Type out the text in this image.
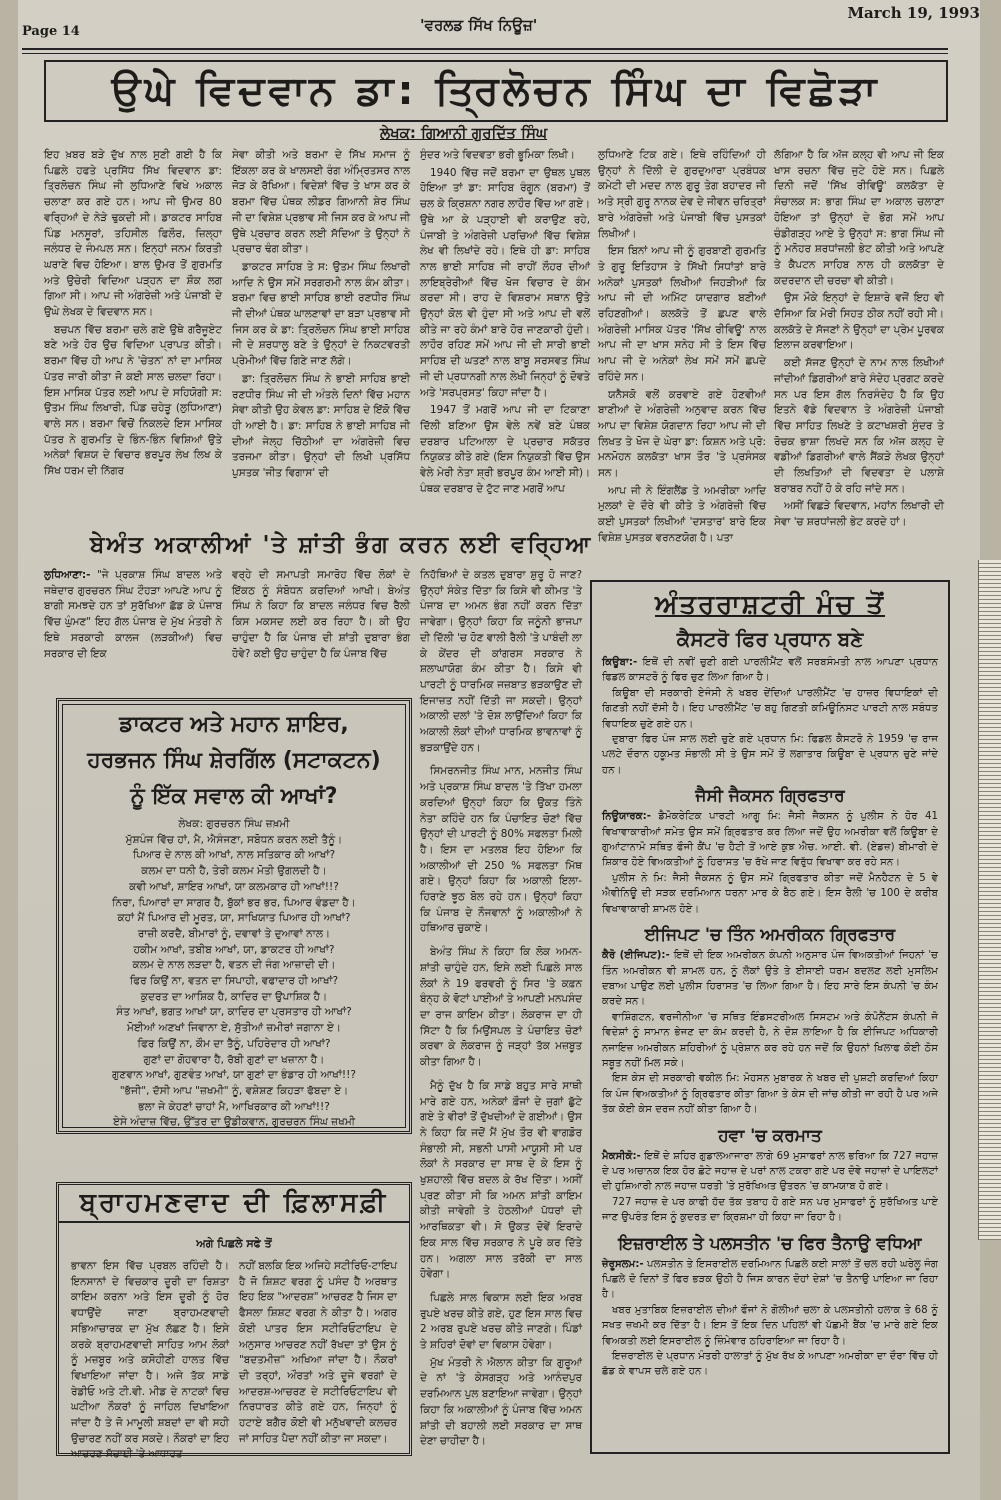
Page 14	'ਵਰਲਡ ਸਿੱਖ ਨਿਊਜ਼'
March 19, 1993
ਉਘੇ ਵਿਦਵਾਨ ਡਾ: ਤ੍ਰਿਲੋਚਨ ਸਿੰਘ ਦਾ ਵਿਛੋੜਾ
ਲੇਖਕ: ਗਿਆਨੀ ਗੁਰਦਿੱਤ ਸਿੰਘ

ਇਹ ਖ਼ਬਰ ਬੜੇ ਦੁੱਖ ਨਾਲ ਸੁਣੀ ਗਈ ਹੈ ਕਿ ਪਿਛਲੇ ਹਫਤੇ ਪ੍ਰਸਿੱਧ ਸਿੱਖ ਵਿਦਵਾਨ ਡਾ: ਤ੍ਰਿਲੋਚਨ ਸਿੰਘ ਜੀ ਲੁਧਿਆਣੇ ਵਿਖੇ ਅਕਾਲ ਚਲਾਣਾ ਕਰ ਗਏ ਹਨ। ਆਪ ਜੀ ਉਮਰ 80 ਵਰ੍ਹਿਆਂ ਦੇ ਨੇੜੇ ਢੁਕਦੀ ਸੀ। ਡਾਕਟਰ ਸਾਹਿਬ ਪਿੰਡ ਮਨਸੂਰਾਂ, ਤਹਿਸੀਲ ਫਿਲੌਰ, ਜ਼ਿਲ੍ਹਾ ਜਲੰਧਰ ਦੇ ਜੰਮਪਲ ਸਨ। ਇਨ੍ਹਾਂ ਜਨਮ ਕਿਰਤੀ ਘਰਾਣੇ ਵਿਚ ਹੋਇਆ। ਬਾਲ ਉਮਰ ਤੋਂ ਗੁਰਮਤਿ ਅਤੇ ਉਚੇਰੀ ਵਿਦਿਆ ਪੜ੍ਹਨ ਦਾ ਸ਼ੌਕ ਲਗ ਗਿਆ ਸੀ। ਆਪ ਜੀ ਅੰਗਰੇਜ਼ੀ ਅਤੇ ਪੰਜਾਬੀ ਦੇ ਉਘੇ ਲੇਖਕ ਦੇ ਵਿਦਵਾਨ ਸਨ।

ਬਚਪਨ ਵਿੱਚ ਬਰਮਾ ਚਲੇ ਗਏ ਉਥੇ ਗਰੈਜੂਏਟ ਬਣੇ ਅਤੇ ਹੋਰ ਉਚ ਵਿਦਿਆ ਪ੍ਰਾਪਤ ਕੀਤੀ। ਬਰਮਾ ਵਿੱਚ ਹੀ ਆਪ ਨੇ 'ਚੇਤਨ' ਨਾਂ ਦਾ ਮਾਸਿਕ ਪੱਤਰ ਜਾਰੀ ਕੀਤਾ ਜੋ ਕਈ ਸਾਲ ਚਲਦਾ ਰਿਹਾ। ਇਸ ਮਾਸਿਕ ਪੱਤਰ ਲਈ ਆਪ ਦੇ ਸਹਿਯੋਗੀ ਸ: ਉਤਮ ਸਿੰਘ ਲਿਖਾਰੀ, ਪਿੰਡ ਚਹੇੜੂ (ਲੁਧਿਆਣਾ) ਵਾਲੇ ਸਨ। ਬਰਮਾ ਵਿਚੋਂ ਨਿਕਲਦੇ ਇਸ ਮਾਸਿਕ ਪੱਤਰ ਨੇ ਗੁਰਮਤਿ ਦੇ ਭਿੰਨ-ਭਿੰਨ ਵਿਸ਼ਿਆਂ ਉਤੇ ਅਨੇਕਾਂ ਵਿਸ਼ਯ ਦੇ ਵਿਚਾਰ ਭਰਪੂਰ ਲੇਖ ਲਿਖ ਕੇ ਸਿੱਖ ਧਰਮ ਦੀ ਨਿੱਗਰ

ਸੇਵਾ ਕੀਤੀ ਅਤੇ ਬਰਮਾ ਦੇ ਸਿੱਖ ਸਮਾਜ ਨੂੰ ਇੱਕਲਾ ਕਰ ਕੇ ਖਾਲਸਈ ਰੰਗ ਅੰਮ੍ਰਿਤਸਰ ਨਾਲ ਜੋੜ ਕੇ ਰੱਖਿਆ। ਵਿਦੇਸ਼ਾਂ ਵਿੱਚ ਤੇ ਖਾਸ ਕਰ ਕੇ ਬਰਮਾ ਵਿੱਚ ਪੰਥਕ ਲੀਡਰ ਗਿਆਨੀ ਸ਼ੇਰ ਸਿੰਘ ਜੀ ਦਾ ਵਿਸ਼ੇਸ਼ ਪ੍ਰਭਾਵ ਸੀ ਜਿਸ ਕਰ ਕੇ ਆਪ ਜੀ ਉਥੇ ਪ੍ਰਚਾਰ ਕਰਨ ਲਈ ਸੱਦਿਆ ਤੇ ਉਨ੍ਹਾਂ ਨੇ ਪ੍ਰਚਾਰ ਢੰਗ ਕੀਤਾ।

ਡਾਕਟਰ ਸਾਹਿਬ ਤੇ ਸ: ਉਤਮ ਸਿੰਘ ਲਿਖਾਰੀ ਆਦਿ ਨੇ ਉਸ ਸਮੇਂ ਸਰਗਰਮੀ ਨਾਲ ਕੰਮ ਕੀਤਾ। ਬਰਮਾ ਵਿਚ ਭਾਈ ਸਾਹਿਬ ਭਾਈ ਰਣਧੀਰ ਸਿੰਘ ਜੀ ਦੀਆਂ ਪੰਥਕ ਘਾਲਣਾਵਾਂ ਦਾ ਬੜਾ ਪ੍ਰਭਾਵ ਸੀ ਜਿਸ ਕਰ ਕੇ ਡਾ: ਤ੍ਰਿਲੋਚਨ ਸਿੰਘ ਭਾਈ ਸਾਹਿਬ ਜੀ ਦੇ ਸ਼ਰਧਾਲੂ ਬਣੇ ਤੇ ਉਨ੍ਹਾਂ ਦੇ ਨਿਕਟਵਰਤੀ ਪ੍ਰੇਮੀਆਂ ਵਿੱਚ ਗਿਣੇ ਜਾਣ ਲੱਗੇ।

ਡਾ: ਤ੍ਰਿਲੋਚਨ ਸਿੰਘ ਨੇ ਭਾਈ ਸਾਹਿਬ ਭਾਈ ਰਣਧੀਰ ਸਿੰਘ ਜੀ ਦੀ ਅੰਤਲੇ ਦਿਨਾਂ ਵਿੱਚ ਮਹਾਨ ਸੇਵਾ ਕੀਤੀ ਉਹ ਕੇਵਲ ਡਾ: ਸਾਹਿਬ ਦੇ ਇੱਕੋ ਵਿੱਚ ਹੀ ਆਈ ਹੈ। ਡਾ: ਸਾਹਿਬ ਨੇ ਭਾਈ ਸਾਹਿਬ ਜੀ ਦੀਆਂ ਜੇਲ੍ਹ ਚਿੱਠੀਆਂ ਦਾ ਅੰਗਰੇਜ਼ੀ ਵਿਚ ਤਰਜਮਾ ਕੀਤਾ। ਉਨ੍ਹਾਂ ਦੀ ਲਿਖੀ ਪ੍ਰਸਿੱਧ ਪੁਸਤਕ 'ਜੀਤ ਵਿਗਾਸ' ਦੀ

ਸੁੰਦਰ ਅਤੇ ਵਿਦਵਤਾ ਭਰੀ ਭੂਮਿਕਾ ਲਿਖੀ।

1940 ਵਿੱਚ ਜਦੋਂ ਬਰਮਾ ਦਾ ਉਥਲ ਪੁਥਲ ਹੋਇਆ ਤਾਂ ਡਾ: ਸਾਹਿਬ ਰੰਗੂਨ (ਬਰਮਾ) ਤੋਂ ਚਲ ਕੇ ਕ੍ਰਿਸ਼ਨਾ ਨਗਰ ਲਾਹੌਰ ਵਿੱਚ ਆ ਗਏ। ਉਥੇ ਆ ਕੇ ਪੜ੍ਹਾਈ ਵੀ ਕਰਾਉਣ ਰਹੇ, ਪੰਜਾਬੀ ਤੇ ਅੰਗਰੇਜ਼ੀ ਪਰਚਿਆਂ ਵਿੱਚ ਵਿਸ਼ੇਸ਼ ਲੇਖ ਵੀ ਲਿਖਾਂਦੇ ਰਹੇ। ਇਥੇ ਹੀ ਡਾ: ਸਾਹਿਬ ਨਾਲ ਭਾਈ ਸਾਹਿਬ ਜੀ ਰਾਹੀਂ ਲੌਹਰ ਦੀਆਂ ਲਾਇਬ੍ਰੇਰੀਆਂ ਵਿੱਚ ਖੋਜ ਵਿਚਾਰ ਦੇ ਕੰਮ ਕਰਦਾ ਸੀ। ਰਾਹ ਦੇ ਵਿਸ਼ਰਾਮ ਸਥਾਨ ਉਤੇ ਉਨ੍ਹਾਂ ਕੋਲ ਵੀ ਹੁੰਦਾ ਸੀ ਅਤੇ ਆਪ ਦੀ ਵਲੋਂ ਕੀਤੇ ਜਾ ਰਹੇ ਕੰਮਾਂ ਬਾਰੇ ਹੋਰ ਜਾਣਕਾਰੀ ਹੁੰਦੀ। ਲਾਹੌਰ ਰਹਿਣ ਸਮੇਂ ਆਪ ਜੀ ਦੀ ਸਾਰੀ ਭਾਈ ਸਾਹਿਬ ਦੀ ਘਤਣਾਂ ਨਾਲ ਬਾਬੂ ਸਰਸਵਤ ਸਿੰਘ ਜੀ ਦੀ ਪ੍ਰਧਾਨਗੀ ਨਾਲ ਲੇਖੀ ਜਿਨ੍ਹਾਂ ਨੂੰ ਦੋਵਤੇ ਅਤੇ 'ਸਰਪ੍ਰਸਤ' ਕਿਹਾ ਜਾਂਦਾ ਹੈ।

1947 ਤੋਂ ਮਗਰੋਂ ਆਪ ਜੀ ਦਾ ਟਿਕਾਣਾ ਦਿੱਲੀ ਬਣਿਆ ਉਸ ਵੇਲੇ ਨਵੇਂ ਬਣੇ ਪੰਥਕ ਦਰਬਾਰ ਪਟਿਆਲਾ ਦੇ ਪ੍ਰਚਾਰ ਸਕੱਤਰ ਨਿਯੁਕਤ ਕੀਤੇ ਗਏ (ਇਸ ਨਿਯੁਕਤੀ ਵਿੱਚ ਉਸ ਵੇਲੇ ਮੇਰੀ ਨੇਤਾ ਸ਼੍ਰੀ ਭਰਪੂਰ ਕੰਮ ਆਈ ਸੀ)। ਪੰਥਕ ਦਰਬਾਰ ਦੇ ਟੁੱਟ ਜਾਣ ਮਗਰੋਂ ਆਪ

ਲੁਧਿਆਣੇ ਟਿਕ ਗਏ। ਇਥੇ ਰਹਿੰਦਿਆਂ ਹੀ ਉਨ੍ਹਾਂ ਨੇ ਦਿੱਲੀ ਦੇ ਗੁਰਦੁਆਰਾ ਪ੍ਰਬੰਧਕ ਕਮੇਟੀ ਦੀ ਮਦਦ ਨਾਲ ਗੁਰੂ ਤੇਗ ਬਹਾਦਰ ਜੀ ਅਤੇ ਸ੍ਰੀ ਗੁਰੂ ਨਾਨਕ ਦੇਵ ਦੇ ਜੀਵਨ ਚਰਿਤ੍ਰਾਂ ਬਾਰੇ ਅੰਗਰੇਜ਼ੀ ਅਤੇ ਪੰਜਾਬੀ ਵਿੱਚ ਪੁਸਤਕਾਂ ਲਿਖੀਆਂ।

ਇਸ ਬਿਨਾਂ ਆਪ ਜੀ ਨੂੰ ਗੁਰਬਾਣੀ ਗੁਰਮਤਿ ਤੇ ਗੁਰੂ ਇਤਿਹਾਸ ਤੇ ਸਿੱਖੀ ਸਿਧਾਂਤਾਂ ਬਾਰੇ ਅਨੇਕਾਂ ਪੁਸਤਕਾਂ ਲਿਖੀਆਂ ਜਿਹੜੀਆਂ ਕਿ ਆਪ ਜੀ ਦੀ ਅਮਿੱਟ ਯਾਦਗਾਰ ਬਣੀਆਂ ਰਹਿਣਗੀਆਂ। ਕਲਕੱਤੇ ਤੋਂ ਛਪਣ ਵਾਲੇ ਅੰਗਰੇਜ਼ੀ ਮਾਸਿਕ ਪੱਤਰ 'ਸਿੱਖ ਰੀਵਿਊ' ਨਾਲ ਆਪ ਜੀ ਦਾ ਖਾਸ ਸਨੇਹ ਸੀ ਤੇ ਇਸ ਵਿੱਚ ਆਪ ਜੀ ਦੇ ਅਨੇਕਾਂ ਲੇਖ ਸਮੇਂ ਸਮੇਂ ਛਪਦੇ ਰਹਿੰਦੇ ਸਨ।

ਯਨੈਸਕੋ ਵਲੋਂ ਕਰਵਾਏ ਗਏ ਹੋਣਵੀਆਂ ਬਾਣੀਆਂ ਦੇ ਅੰਗਰੇਜ਼ੀ ਅਨੁਵਾਦ ਕਰਨ ਵਿੱਚ ਆਪ ਦਾ ਵਿਸ਼ੇਸ਼ ਯੋਗਦਾਨ ਰਿਹਾ ਆਪ ਜੀ ਦੀ ਲਿਖਤ ਤੇ ਖੋਜ ਦੇ ਘੇਰਾ ਡਾ: ਕਿਸ਼ਨ ਅਤੇ ਪ੍ਰੋ: ਮਨਮੋਹਨ ਕਲਕੱਤਾ ਖਾਸ ਤੌਰ 'ਤੇ ਪ੍ਰਸੰਸਕ ਸਨ।

ਆਪ ਜੀ ਨੇ ਇੰਗਲੈਂਡ ਤੇ ਅਮਰੀਕਾ ਆਦਿ ਮੁਲਕਾਂ ਦੇ ਦੌਰੇ ਵੀ ਕੀਤੇ ਤੇ ਅੰਗਰੇਜ਼ੀ ਵਿੱਚ ਕਈ ਪੁਸਤਕਾਂ ਲਿਖੀਆਂ 'ਦਸਤਾਰ' ਬਾਰੇ ਇਕ ਵਿਸ਼ੇਸ਼ ਪੁਸਤਕ ਵਰਨਣਯੋਗ ਹੈ। ਪਤਾ

ਲੱਗਿਆ ਹੈ ਕਿ ਅੱਜ ਕਲ੍ਹ ਵੀ ਆਪ ਜੀ ਇਕ ਖਾਸ ਰਚਨਾ ਵਿੱਚ ਜੁਟੇ ਹੋਏ ਸਨ। ਪਿਛਲੇ ਦਿਨੀ ਜਦੋਂ 'ਸਿੱਖ ਰੀਵਿਊ' ਕਲਕੱਤਾ ਦੇ ਸੰਚਾਲਕ ਸ: ਭਾਗ ਸਿੰਘ ਦਾ ਅਕਾਲ ਚਲਾਣਾ ਹੋਇਆ ਤਾਂ ਉਨ੍ਹਾਂ ਦੇ ਭੋਗ ਸਮੇਂ ਆਪ ਚੰਡੀਗੜ੍ਹ ਆਏ ਤੇ ਉਨ੍ਹਾਂ ਸ: ਭਾਗ ਸਿੰਘ ਜੀ ਨੂੰ ਮਨੋਹਰ ਸ਼ਰਧਾਂਜਲੀ ਭੇਟ ਕੀਤੀ ਅਤੇ ਆਪਣੇ ਤੇ ਕੈਪਟਨ ਸਾਹਿਬ ਨਾਲ ਹੀ ਕਲਕੱਤਾ ਦੇ ਕਦਰਦਾਨ ਦੀ ਚਰਚਾ ਵੀ ਕੀਤੀ।

ਉਸ ਮੌਕੇ ਇਨ੍ਹਾਂ ਦੇ ਇਸ਼ਾਰੇ ਵਜੋਂ ਇਹ ਵੀ ਦੱਸਿਆ ਕਿ ਮੇਰੀ ਸਿਹਤ ਠੀਕ ਨਹੀਂ ਰਹੀ ਸੀ। ਕਲਕੱਤੇ ਦੇ ਸੱਜਣਾਂ ਨੇ ਉਨ੍ਹਾਂ ਦਾ ਪ੍ਰੇਮ ਪੂਰਵਕ ਇਲਾਜ ਕਰਵਾਇਆ।

ਕਈ ਸੱਜਣ ਉਨ੍ਹਾਂ ਦੇ ਨਾਮ ਨਾਲ ਲਿਖੀਆਂ ਜਾਂਦੀਆਂ ਡਿਗਰੀਆਂ ਬਾਰੇ ਸੰਦੇਹ ਪ੍ਰਗਟ ਕਰਦੇ ਸਨ ਪਰ ਇਸ ਗੱਲ ਨਿਰਸੰਦੇਹ ਹੈ ਕਿ ਉਹ ਇਤਨੇ ਵੱਡੇ ਵਿਦਵਾਨ ਤੇ ਅੰਗਰੇਜ਼ੀ ਪੰਜਾਬੀ ਵਿੱਚ ਸਾਹਿਤ ਲਿਖਣੇ ਤੇ ਕਟਾਖਸ਼ਰੀ ਸੁੰਦਰ ਤੇ ਰੋਚਕ ਭਾਸ਼ਾ ਲਿਖਦੇ ਸਨ ਕਿ ਅੱਜ ਕਲ੍ਹ ਦੇ ਵਡੀਆਂ ਡਿਗਰੀਆਂ ਵਾਲੇ ਸੈਂਕੜੇ ਲੇਖਕ ਉਨ੍ਹਾਂ ਦੀ ਲਿਖਤਿਆਂ ਦੀ ਵਿਦਵਤਾ ਦੇ ਪਲਾਸ਼ੇ ਬਰਾਬਰ ਨਹੀਂ ਹੋ ਕੇ ਰਹਿ ਜਾਂਦੇ ਸਨ।

ਅਸੀਂ ਵਿਛੜੇ ਵਿਦਵਾਨ, ਮਹਾਂਨ ਲਿਖਾਰੀ ਦੀ ਸੇਵਾ 'ਚ ਸ਼ਰਧਾਂਜਲੀ ਭੇਟ ਕਰਦੇ ਹਾਂ।

ਬੇਅੰਤ ਅਕਾਲੀਆਂ 'ਤੇ ਸ਼ਾਂਤੀ ਭੰਗ ਕਰਨ ਲਈ ਵਰ੍ਹਿਆ

ਲੁਧਿਆਣਾ:- "ਜੇ ਪ੍ਰਕਾਸ਼ ਸਿੰਘ ਬਾਦਲ ਅਤੇ ਜਥੇਦਾਰ ਗੁਰਚਰਨ ਸਿੰਘ ਟੌਹੜਾ ਆਪਣੇ ਆਪ ਨੂੰ ਬਾਗੀ ਸਮਝਦੇ ਹਨ ਤਾਂ ਸੁਰੱਖਿਆ ਛੱਡ ਕੇ ਪੰਜਾਬ ਵਿੱਚ ਘੁੰਮਣ" ਇਹ ਗੱਲ ਪੰਜਾਬ ਦੇ ਮੁੱਖ ਮੰਤਰੀ ਨੇ ਇਥੇ ਸਰਕਾਰੀ ਕਾਲਜ (ਲੜਕੀਆਂ) ਵਿਚ ਸਰਕਾਰ ਦੀ ਇਕ

ਵਰ੍ਹੇ ਦੀ ਸਮਾਪਤੀ ਸਮਾਰੋਹ ਵਿੱਚ ਲੋਕਾਂ ਦੇ ਇੱਕਠ ਨੂੰ ਸੰਬੋਧਨ ਕਰਦਿਆਂ ਆਖੀ। ਬੇਅੰਤ ਸਿੰਘ ਨੇ ਕਿਹਾ ਕਿ ਬਾਦਲ ਜਲੰਧਰ ਵਿਚ ਰੈਲੀ ਕਿਸ ਮਕਸਦ ਲਈ ਕਰ ਰਿਹਾ ਹੈ। ਕੀ ਉਹ ਚਾਹੁੰਦਾ ਹੈ ਕਿ ਪੰਜਾਬ ਦੀ ਸ਼ਾਂਤੀ ਦੁਬਾਰਾ ਭੰਗ ਹੋਵੇ? ਕਈ ਉਹ ਚਾਹੁੰਦਾ ਹੈ ਕਿ ਪੰਜਾਬ ਵਿੱਚ

ਨਿਹੱਥਿਆਂ ਦੇ ਕਤਲ ਦੁਬਾਰਾ ਸ਼ੁਰੂ ਹੋ ਜਾਣ? ਉਨ੍ਹਾਂ ਸੰਕੇਤ ਦਿੱਤਾ ਕਿ ਕਿਸੇ ਵੀ ਕੀਮਤ 'ਤੇ ਪੰਜਾਬ ਦਾ ਅਮਨ ਭੰਗ ਨਹੀਂ ਕਰਨ ਦਿੱਤਾ ਜਾਵੇਗਾ। ਉਨ੍ਹਾਂ ਕਿਹਾ ਕਿ ਜਨੂੰਨੀ ਭਾਜਪਾ ਦੀ ਦਿੱਲੀ 'ਚ ਹੋਣ ਵਾਲੀ ਰੈਲੀ 'ਤੇ ਪਾਬੰਦੀ ਲਾ ਕੇ ਕੇਂਦਰ ਦੀ ਕਾਂਗਰਸ ਸਰਕਾਰ ਨੇ ਸ਼ਲਾਘਾਯੋਗ ਕੰਮ ਕੀਤਾ ਹੈ। ਕਿਸੇ ਵੀ ਪਾਰਟੀ ਨੂੰ ਧਾਰਮਿਕ ਜਜ਼ਬਾਤ ਭੜਕਾਉਣ ਦੀ ਇਜਾਜ਼ਤ ਨਹੀਂ ਦਿੱਤੀ ਜਾ ਸਕਦੀ। ਉਨ੍ਹਾਂ ਅਕਾਲੀ ਦਲਾਂ 'ਤੇ ਦੋਸ਼ ਲਾਉਂਦਿਆਂ ਕਿਹਾ ਕਿ ਅਕਾਲੀ ਲੋਕਾਂ ਦੀਆਂ ਧਾਰਮਿਕ ਭਾਵਨਾਵਾਂ ਨੂੰ ਭੜਕਾਉਂਦੇ ਹਨ।

ਸਿਮਰਨਜੀਤ ਸਿੰਘ ਮਾਨ, ਮਨਜੀਤ ਸਿੰਘ ਅਤੇ ਪ੍ਰਕਾਸ਼ ਸਿੰਘ ਬਾਦਲ 'ਤੇ ਤਿੱਖਾ ਹਮਲਾ ਕਰਦਿਆਂ ਉਨ੍ਹਾਂ ਕਿਹਾ ਕਿ ਉਕਤ ਤਿੰਨੇ ਨੇਤਾ ਕਹਿੰਦੇ ਹਨ ਕਿ ਪੰਚਾਇਤ ਚੋਣਾਂ ਵਿੱਚ ਉਨ੍ਹਾਂ ਦੀ ਪਾਰਟੀ ਨੂੰ 80% ਸਫਲਤਾ ਮਿਲੀ ਹੈ। ਇਸ ਦਾ ਮਤਲਬ ਇਹ ਹੋਇਆ ਕਿ ਅਕਾਲੀਆਂ ਦੀ 250 % ਸਫਲਤਾ ਮਿੱਥ ਗਏ। ਉਨ੍ਹਾਂ ਕਿਹਾ ਕਿ ਅਕਾਲੀ ਇਲਾ-ਹਿਰਾਣੇ ਝੂਠ ਬੋਲ ਰਹੇ ਹਨ। ਉਨ੍ਹਾਂ ਕਿਹਾ ਕਿ ਪੰਜਾਬ ਦੇ ਨੌਜਵਾਨਾਂ ਨੂੰ ਅਕਾਲੀਆਂ ਨੇ ਹਥਿਆਰ ਚੁਕਾਏ।

ਬੇਅੰਤ ਸਿੰਘ ਨੇ ਕਿਹਾ ਕਿ ਲੋਕ ਅਮਨ-ਸ਼ਾਂਤੀ ਚਾਹੁੰਦੇ ਹਨ, ਇਸੇ ਲਈ ਪਿਛਲੇ ਸਾਲ ਲੋਕਾਂ ਨੇ 19 ਫਰਵਰੀ ਨੂੰ ਸਿਰ 'ਤੇ ਕਫ਼ਨ ਬੰਨ੍ਹ ਕੇ ਵੋਟਾਂ ਪਾਈਆਂ ਤੇ ਆਪਣੀ ਮਨਪਸੰਦ ਦਾ ਰਾਜ ਕਾਇਮ ਕੀਤਾ। ਲੋਕਰਾਜ ਦਾ ਹੀ ਸਿੱਟਾ ਹੈ ਕਿ ਮਿਉਂਸਪਲ ਤੇ ਪੰਚਾਇਤ ਚੋਣਾਂ ਕਰਵਾ ਕੇ ਲੋਕਰਾਜ ਨੂੰ ਜੜ੍ਹਾਂ ਤੱਕ ਮਜ਼ਬੂਤ ਕੀਤਾ ਗਿਆ ਹੈ।

ਮੈਨੂੰ ਦੁੱਖ ਹੈ ਕਿ ਸਾਡੇ ਬਹੁਤ ਸਾਰੇ ਸਾਥੀ ਮਾਰੇ ਗਏ ਹਨ, ਅਨੇਕਾਂ ਫ਼ੌਜਾਂ ਦੇ ਜੁਗਾਂ ਛੁੱਟੇ ਗਏ ਤੇ ਵੀਰਾਂ ਤੋਂ ਦੁੱਖਦੀਆਂ ਦੇ ਗਈਆਂ। ਉਸ ਨੇ ਕਿਹਾ ਕਿ ਜਦੋਂ ਮੈਂ ਮੁੱਖ ਤੌਰ ਵੀ ਵਾਗਡੋਰ ਸੰਭਾਲੀ ਸੀ, ਸਭਨੀ ਪਾਸੀ ਮਾਯੂਸੀ ਸੀ ਪਰ ਲੋਕਾਂ ਨੇ ਸਰਕਾਰ ਦਾ ਸਾਥ ਦੇ ਕੇ ਇਸ ਨੂੰ ਖੁਸ਼ਹਾਲੀ ਵਿੱਚ ਬਦਲ ਕੇ ਰੱਖ ਦਿੱਤਾ। ਅਸੀਂ ਪ੍ਰਣ ਕੀਤਾ ਸੀ ਕਿ ਅਮਨ ਸ਼ਾਂਤੀ ਕਾਇਮ ਕੀਤੀ ਜਾਵੇਗੀ ਤੇ ਹੇਠਲੀਆਂ ਪੱਧਰਾਂ ਦੀ ਆਰਥਿਕਤਾ ਵੀ। ਸੋ ਉਕਤ ਦੋਵੇਂ ਇਰਾਦੇ ਇਕ ਸਾਲ ਵਿੱਚ ਸਰਕਾਰ ਨੇ ਪੂਰੇ ਕਰ ਦਿੱਤੇ ਹਨ। ਅਗਲਾ ਸਾਲ ਤਰੱਕੀ ਦਾ ਸਾਲ ਹੋਵੇਗਾ।

ਪਿਛਲੇ ਸਾਲ ਵਿਕਾਸ ਲਈ ਇਕ ਅਰਬ ਰੁਪਏ ਖਰਚ ਕੀਤੇ ਗਏ, ਹੁਣ ਇਸ ਸਾਲ ਵਿਚ 2 ਅਰਬ ਰੁਪਏ ਖਰਚ ਕੀਤੇ ਜਾਣਗੇ। ਪਿੰਡਾਂ ਤੇ ਸ਼ਹਿਰਾਂ ਦੋਵਾਂ ਦਾ ਵਿਕਾਸ ਹੋਵੇਗਾ।

ਮੁੱਖ ਮੰਤਰੀ ਨੇ ਐਲਾਨ ਕੀਤਾ ਕਿ ਗੁਰੂਆਂ ਦੇ ਨਾਂ 'ਤੇ ਕੇਸਗੜ੍ਹ ਅਤੇ ਆਨੰਦਪੁਰ ਦਰਮਿਆਨ ਪੁਲ ਬਣਾਇਆ ਜਾਵੇਗਾ। ਉਨ੍ਹਾਂ ਕਿਹਾ ਕਿ ਅਕਾਲੀਆਂ ਨੂੰ ਪੰਜਾਬ ਵਿੱਚ ਅਮਨ ਸ਼ਾਂਤੀ ਦੀ ਬਹਾਲੀ ਲਈ ਸਰਕਾਰ ਦਾ ਸਾਥ ਦੇਣਾ ਚਾਹੀਦਾ ਹੈ।

ਡਾਕਟਰ ਅਤੇ ਮਹਾਨ ਸ਼ਾਇਰ,
ਹਰਭਜਨ ਸਿੰਘ ਸ਼ੇਰਗਿੱਲ (ਸਟਾਕਟਨ)
ਨੂੰ ਇੱਕ ਸਵਾਲ ਕੀ ਆਖਾਂ?
ਲੇਖਕ: ਗੁਰਚਰਨ ਸਿੰਘ ਜ਼ਖ਼ਮੀ
ਮੁੱਸ਼ਪੰਜ ਵਿੱਚ ਹਾਂ, ਮੈ, ਐਸੰਜਣਾ, ਸਬੋਧਨ ਕਰਨ ਲਈ ਤੈਨੂੰ।
ਪਿਆਰ ਦੇ ਨਾਲ ਕੀ ਆਖਾਂ, ਨਾਲ ਸਤਿਕਾਰ ਕੀ ਆਖਾਂ?
ਕਲਮ ਦਾ ਧਨੀ ਹੈ, ਤੇਰੀ ਕਲਮ ਮੋਤੀ ਉਗਲਦੀ ਹੈ।
ਕਵੀ ਆਖਾਂ, ਸ਼ਾਇਰ ਆਖਾਂ, ਯਾ ਕਲਮਕਾਰ ਹੀ ਆਖਾਂ!!?
ਨਿਰਾ, ਪਿਆਰਾਂ ਦਾ ਸਾਗਰ ਹੈ, ਬੁੱਕਾਂ ਭਰ ਭਰ, ਪਿਆਰ ਵੰਡਦਾ ਹੈ।
ਕਹਾਂ ਮੈਂ ਪਿਆਰ ਦੀ ਮੂਰਤ, ਯਾ, ਸਾਖਿਯਾਤ ਪਿਆਰ ਹੀ ਆਖਾਂ?
ਰਾਜ਼ੀ ਕਰਦੈ, ਬੀਮਾਰਾਂ ਨੂੰ, ਦਵਾਵਾਂ ਤੇ ਦੁਆਵਾਂ ਨਾਲ।
ਹਕੀਮ ਆਖਾਂ, ਤਬੀਬ ਆਖਾਂ, ਯਾ, ਡਾਕਟਰ ਹੀ ਆਖਾਂ?
ਕਲਮ ਦੇ ਨਾਲ ਲੜਦਾ ਹੈ, ਵਤਨ ਦੀ ਜੰਗ ਆਜ਼ਾਦੀ ਦੀ।
ਫਿਰ ਕਿਉਂ ਨਾ, ਵਤਨ ਦਾ ਸਿਪਾਹੀ, ਵਫਾਦਾਰ ਹੀ ਆਖਾਂ?
ਕੁਦਰਤ ਦਾ ਆਸ਼ਿਕ ਹੈ, ਕਾਦਿਰ ਦਾ ਉਪਾਸ਼ਿਕ ਹੈ।
ਸੰਤ ਆਖਾਂ, ਭਗਤ ਆਖਾਂ ਯਾ, ਕਾਦਿਰ ਦਾ ਪ੍ਰਸਤਾਰ ਹੀ ਆਖਾਂ?
ਮੋਈਆਂ ਅਣਖਾਂ ਜਿਵਾਨਾ ਏ, ਸੁੱਤੀਆਂ ਜ਼ਮੀਰਾਂ ਜਗਾਨਾ ਏ।
ਫਿਰ ਕਿਉਂ ਨਾ, ਕੌਮ ਦਾ ਤੈਨੂੰ, ਪਹਿਰੇਦਾਰ ਹੀ ਆਖਾਂ?
ਗੁਣਾਂ ਦਾ ਗੋਹਵਾਰਾ ਹੈ, ਰੱਬੀ ਗੁਣਾਂ ਦਾ ਖਜ਼ਾਨਾ ਹੈ।
ਗੁਣਵਾਨ ਆਖਾਂ, ਗੁਣਵੰਤ ਆਖਾਂ, ਯਾ ਗੁਣਾਂ ਦਾ ਭੰਡਾਰ ਹੀ ਆਖਾਂ!!?
"ਭੱਜੀ", ਦੱਸੀ ਆਪ "ਜ਼ਖਮੀ" ਨੂੰ, ਵਸ਼ੇਸ਼ਣ ਕਿਹੜਾ ਫੱਬਦਾ ਏ।
ਭਲਾ ਜੇ ਕੇਹਣਾਂ ਚਾਹਾਂ ਮੈ, ਆਖਿਰਕਾਰ ਕੀ ਆਖਾਂ!!?
ਏਸੇ ਅੰਦਾਜ਼ ਵਿੱਚ, ਉੱਤਰ ਦਾ ਉਡੀਕਵਾਨ, ਗੁਰਚਰਨ ਸਿੰਘ ਜ਼ਖਮੀ
ਬ੍ਰਾਹਮਣਵਾਦ ਦੀ ਫ਼ਿਲਾਸਫ਼ੀ
ਅਗੇ ਪਿਛਲੇ ਸਫੇ ਤੋਂ

ਭਾਵਨਾ ਇਸ ਵਿੱਚ ਪ੍ਰਬਲ ਰਹਿੰਦੀ ਹੈ। ਇਨਸਾਨਾਂ ਦੇ ਵਿਚਕਾਰ ਦੂਰੀ ਦਾ ਰਿਸ਼ਤਾ ਕਾਇਮ ਕਰਨਾ ਅਤੇ ਇਸ ਦੂਰੀ ਨੂੰ ਹੋਰ ਵਧਾਉਂਦੇ ਜਾਣਾ ਬ੍ਰਾਹਮਣਵਾਦੀ ਸਭਿਆਚਾਰਕ ਦਾ ਮੁੱਖ ਲੱਛਣ ਹੈ। ਇਸੇ ਕਰਕੇ ਬ੍ਰਾਹਮਣਵਾਦੀ ਸਾਹਿਤ ਆਮ ਲੋਕਾਂ ਨੂੰ ਮਜ਼ਬੂਰ ਅਤੇ ਕਸੋਹੀਣੀ ਹਾਲਤ ਵਿੱਚ ਵਿਖਾਇਆ ਜਾਂਦਾ ਹੈ। ਅਜੇ ਤੱਕ ਸਾਡੇ ਰੇਡੀਓ ਅਤੇ ਟੀ.ਵੀ. ਮੀਡ ਦੇ ਨਾਟਕਾਂ ਵਿਚ ਘਟੀਆ ਨੌਕਰਾਂ ਨੂੰ ਜਾਹਿਲ ਦਿਖਾਇਆ ਜਾਂਦਾ ਹੈ ਤੇ ਜੋ ਮਾਮੂਲੀ ਸ਼ਬਦਾਂ ਦਾ ਵੀ ਸਹੀ ਉਚਾਰਣ ਨਹੀਂ ਕਰ ਸਕਦੇ। ਨੌਕਰਾਂ ਦਾ ਇਹ ਆਚਰਣ ਸੱਚਾਈ 'ਤੇ ਆਧਾਰਤ

ਨਹੀਂ ਬਲਕਿ ਇਕ ਅਜਿਹੇ ਸਟੀਰਿਓ-ਟਾਇਪ ਹੈ ਜੋ ਸ਼ਿਸ਼ਟ ਵਰਗ ਨੂੰ ਪਸੰਦ ਹੈ ਅਰਥਾਤ ਇਹ ਇਕ "ਆਦਰਸ਼" ਆਚਰਣ ਹੈ ਜਿਸ ਦਾ ਫੈਸਲਾ ਸ਼ਿਸ਼ਟ ਵਰਗ ਨੇ ਕੀਤਾ ਹੈ। ਅਗਰ ਕੋਈ ਪਾਤਰ ਇਸ ਸਟੀਰਿਓਟਾਇਪ ਦੇ ਅਨੁਸਾਰ ਆਚਰਣ ਨਹੀਂ ਰੱਖਦਾ ਤਾਂ ਉਸ ਨੂੰ "ਬਦਤਮੀਜ਼" ਅਖਿਆ ਜਾਂਦਾ ਹੈ। ਨੌਕਰਾਂ ਦੀ ਤਰ੍ਹਾਂ, ਔਰਤਾਂ ਅਤੇ ਦੂਜੇ ਵਰਗਾਂ ਦੇ ਆਦਰਸ਼-ਆਚਰਣ ਦੇ ਸਟੀਰਿਓਟਾਇਪ ਵੀ ਨਿਰਧਾਰਤ ਕੀਤੇ ਗਏ ਹਨ, ਜਿਨ੍ਹਾਂ ਨੂੰ ਹਟਾਏ ਬਗੈਰ ਕੋਈ ਵੀ ਮਨੁੱਖਵਾਦੀ ਕਲਚਰ ਜਾਂ ਸਾਹਿਤ ਪੈਦਾ ਨਹੀਂ ਕੀਤਾ ਜਾ ਸਕਦਾ।

ਅੰਤਰਰਾਸ਼ਟਰੀ ਮੰਚ ਤੋਂ
ਕੈਸਟਰੋ ਫਿਰ ਪ੍ਰਧਾਨ ਬਣੇ

ਕਿਊਬਾ:- ਇਥੋਂ ਦੀ ਨਵੀਂ ਚੁਣੀ ਗਈ ਪਾਰਲੀਮੈਂਟ ਵਲੋਂ ਸਰਬਸੰਮਤੀ ਨਾਲ ਆਪਣਾ ਪ੍ਰਧਾਨ ਫਿਡਲ ਕਾਸਟਰੋ ਨੂੰ ਫਿਰ ਚੁਣ ਲਿਆ ਗਿਆ ਹੈ।

ਕਿਊਬਾ ਦੀ ਸਰਕਾਰੀ ਏਜੰਸੀ ਨੇ ਖਬਰ ਦੇਂਦਿਆਂ ਪਾਰਲੀਮੈਂਟ 'ਚ ਹਾਜ਼ਰ ਵਿਧਾਇਕਾਂ ਦੀ ਗਿਣਤੀ ਨਹੀਂ ਦੱਸੀ ਹੈ। ਇਹ ਪਾਰਲੀਮੈਂਟ 'ਚ ਬਹੁ ਗਿਣਤੀ ਕਮਿਊਨਿਸਟ ਪਾਰਟੀ ਨਾਲ ਸਬੰਧਤ ਵਿਧਾਇਕ ਚੁਣੇ ਗਏ ਹਨ।

ਦੁਬਾਰਾ ਫਿਰ ਪੰਜ ਸਾਲ ਲਈ ਚੁਣੇ ਗਏ ਪ੍ਰਧਾਨ ਮਿ: ਫਿਡਲ ਕੈਸਟਰੋ ਨੇ 1959 'ਚ ਰਾਜ ਪਲਟੇ ਦੌਰਾਨ ਹਕੂਮਤ ਸੰਭਾਲੀ ਸੀ ਤੇ ਉਸ ਸਮੇਂ ਤੋਂ ਲਗਾਤਾਰ ਕਿਊਬਾ ਦੇ ਪ੍ਰਧਾਨ ਚੁਣੇ ਜਾਂਦੇ ਹਨ।

ਜੈਸੀ ਜੈਕਸਨ ਗ੍ਰਿਫਤਾਰ

ਨਿਊਯਾਰਕ:- ਡੈਮੋਕਰੇਟਿਕ ਪਾਰਟੀ ਆਗੂ ਮਿ: ਜੈਸੀ ਜੈਕਸਨ ਨੂੰ ਪੁਲੀਸ ਨੇ ਹੋਰ 41 ਵਿਖਾਵਾਕਾਰੀਆਂ ਸਮੇਤ ਉਸ ਸਮੇਂ ਗ੍ਰਿਫਤਾਰ ਕਰ ਲਿਆ ਜਦੋਂ ਉਹ ਅਮਰੀਕਾ ਵਲੋਂ ਕਿਊਬਾ ਦੇ ਗੁਆਂਟਾਨਾਮੋ ਸਥਿਤ ਫੌਜੀ ਕੈਂਪ 'ਚ ਹੈਟੀ ਤੋਂ ਆਏ ਕੁਝ ਐਚ. ਆਈ. ਵੀ. (ਏਡਜ਼) ਬੀਮਾਰੀ ਦੇ ਸ਼ਿਕਾਰ ਹੋਏ ਵਿਅਕਤੀਆਂ ਨੂੰ ਹਿਰਾਸਤ 'ਚ ਰੱਖੇ ਜਾਣ ਵਿਰੁੱਧ ਵਿਖਾਵਾ ਕਰ ਰਹੇ ਸਨ।

ਪੁਲੀਸ ਨੇ ਮਿ: ਜੈਸੀ ਜੈਕਸਨ ਨੂੰ ਉਸ ਸਮੇਂ ਗ੍ਰਿਫਤਾਰ ਕੀਤਾ ਜਦੋਂ ਮੈਨਹੈਟਨ ਦੇ 5 ਵੇ ਐਵੀਨਿਊ ਦੀ ਸੜਕ ਦਰਮਿਆਨ ਧਰਨਾ ਮਾਰ ਕੇ ਬੈਠ ਗਏ। ਇਸ ਰੈਲੀ 'ਚ 100 ਦੇ ਕਰੀਬ ਵਿਖਾਵਾਕਾਰੀ ਸ਼ਾਮਲ ਹੋਏ।

ਈਜਿਪਟ 'ਚ ਤਿੰਨ ਅਮਰੀਕਨ ਗ੍ਰਿਫਤਾਰ

ਕੈਰੋ (ਈਜਿਪਟ):- ਇਥੋਂ ਦੀ ਇਕ ਅਮਰੀਕਨ ਕੰਪਨੀ ਅਨੁਸਾਰ ਪੰਜ ਵਿਅਕਤੀਆਂ ਜਿਹਨਾਂ 'ਚ ਤਿੰਨ ਅਮਰੀਕਨ ਵੀ ਸ਼ਾਮਲ ਹਨ, ਨੂੰ ਲੋਕਾਂ ਉਤੇ ਤੇ ਈਸਾਈ ਧਰਮ ਬਦਲਣ ਲਈ ਮੁਸਲਿਮ ਦਬਾਅ ਪਾਉਣ ਲਈ ਪੁਲੀਸ ਹਿਰਾਸਤ 'ਚ ਲਿਆ ਗਿਆ ਹੈ। ਇਹ ਸਾਰੇ ਇਸ ਕੰਪਨੀ 'ਚ ਕੰਮ ਕਰਦੇ ਸਨ।

ਵਾਸ਼ਿੰਗਟਨ, ਵਰਜੀਨੀਆ 'ਚ ਸਥਿਤ ਇੰਡਸਟਰੀਅਲ ਸਿਸਟਮ ਅਤੇ ਕੰਪੋਨੈਂਟਸ ਕੰਪਨੀ ਜੋ ਵਿਦੇਸ਼ਾਂ ਨੂੰ ਸਾਮਾਨ ਭੇਜਣ ਦਾ ਕੰਮ ਕਰਦੀ ਹੈ, ਨੇ ਦੋਸ਼ ਲਾਇਆ ਹੈ ਕਿ ਈਜਿਪਟ ਅਧਿਕਾਰੀ ਨਜਾਇਜ਼ ਅਮਰੀਕਨ ਸ਼ਹਿਰੀਆਂ ਨੂੰ ਪ੍ਰੇਸ਼ਾਨ ਕਰ ਰਹੇ ਹਨ ਜਦੋਂ ਕਿ ਉਹਨਾਂ ਖਿਲਾਫ ਕੋਈ ਠੋਸ ਸਬੂਤ ਨਹੀਂ ਮਿਲ ਸਕੇ।

ਇਸ ਕੇਸ ਦੀ ਸਰਕਾਰੀ ਵਕੀਲ ਮਿ: ਮੋਹਸਨ ਮੁਬਾਰਕ ਨੇ ਖਬਰ ਦੀ ਪੁਸ਼ਟੀ ਕਰਦਿਆਂ ਕਿਹਾ ਕਿ ਪੰਜ ਵਿਅਕਤੀਆਂ ਨੂੰ ਗ੍ਰਿਫਤਾਰ ਕੀਤਾ ਗਿਆ ਤੇ ਕੇਸ ਦੀ ਜਾਂਚ ਕੀਤੀ ਜਾ ਰਹੀ ਹੈ ਪਰ ਅਜੇ ਤੱਕ ਕੋਈ ਕੇਸ ਦਰਜ ਨਹੀਂ ਕੀਤਾ ਗਿਆ ਹੈ।

ਹਵਾ 'ਚ ਕਰਮਾਤ

ਮੈਕਸੀਕੋ:- ਇਥੋਂ ਦੇ ਸ਼ਹਿਰ ਗੁਡਾਲਆਜਾਰਾ ਲਾਗੇ 69 ਮੁਸਾਫਰਾਂ ਨਾਲ ਭਰਿਆ ਕਿ 727 ਜਹਾਜ਼ ਦੇ ਪਰ ਅਚਾਨਕ ਇਕ ਹੋਰ ਛੋਟੇ ਜਹਾਜ਼ ਦੇ ਪਰਾਂ ਨਾਲ ਟਕਰਾ ਗਏ ਪਰ ਦੋਵੇ ਜਹਾਜ਼ਾਂ ਦੇ ਪਾਇਲਟਾਂ ਦੀ ਹੁਸ਼ਿਆਰੀ ਨਾਲ ਜਹਾਜ਼ ਧਰਤੀ 'ਤੇ ਸੁਰੱਖਿਅਤ ਉਤਰਨ 'ਚ ਕਾਮਯਾਬ ਹੋ ਗਏ।

727 ਜਹਾਜ਼ ਦੇ ਪਰ ਕਾਫੀ ਹੱਦ ਤੱਕ ਤਬਾਹ ਹੋ ਗਏ ਸਨ ਪਰ ਮੁਸਾਫਰਾਂ ਨੂੰ ਸੁਰੱਖਿਅਤ ਪਾਏ ਜਾਣ ਉਪਰੰਤ ਇਸ ਨੂੰ ਕੁਦਰਤ ਦਾ ਕ੍ਰਿਸ਼ਮਾ ਹੀ ਕਿਹਾ ਜਾ ਰਿਹਾ ਹੈ।

ਇਜ਼ਰਾਈਲ ਤੇ ਪਲਸਤੀਨ 'ਚ ਫਿਰ ਤੈਨਾਉ ਵਧਿਆ

ਜ਼ੇਰੂਸਲਮ:- ਪਲਸਤੀਨ ਤੇ ਇਸਰਾਈਲ ਦਰਮਿਆਨ ਪਿਛਲੇ ਕਈ ਸਾਲਾਂ ਤੋਂ ਚਲ ਰਹੀ ਘਰੇਲੂ ਜੰਗ ਪਿਛਲੇ ਦੋ ਦਿਨਾਂ ਤੋਂ ਫਿਰ ਭੜਕ ਉਠੀ ਹੈ ਜਿਸ ਕਾਰਨ ਦੋਹਾਂ ਦੇਸ਼ਾਂ 'ਚ ਤੈਨਾਉ ਪਾਇਆ ਜਾ ਰਿਹਾ ਹੈ।

ਖਬਰ ਮੁਤਾਬਿਕ ਇਜ਼ਰਾਈਲ ਦੀਆਂ ਫੌਜਾਂ ਨੇ ਗੋਲੀਆਂ ਚਲਾ ਕੇ ਪਲਸਤੀਨੀ ਹਲਾਕ ਤੇ 68 ਨੂੰ ਸਖਤ ਜ਼ਖਮੀ ਕਰ ਦਿੱਤਾ ਹੈ। ਇਸ ਤੋਂ ਇਕ ਦਿਨ ਪਹਿਲਾਂ ਵੀ ਪੱਛਮੀ ਬੈਂਕ 'ਚ ਮਾਰੇ ਗਏ ਇਕ ਵਿਅਕਤੀ ਲਈ ਇਸਰਾਈਲ ਨੂੰ ਜ਼ਿੰਮੇਵਾਰ ਠਹਿਰਾਇਆ ਜਾ ਰਿਹਾ ਹੈ।

ਇਜ਼ਰਾਈਲ ਦੇ ਪ੍ਰਧਾਨ ਮੰਤਰੀ ਹਾਲਾਤਾਂ ਨੂੰ ਮੁੱਖ ਰੱਖ ਕੇ ਆਪਣਾ ਅਮਰੀਕਾ ਦਾ ਦੌਰਾ ਵਿੱਚ ਹੀ ਛੱਡ ਕੇ ਵਾਪਸ ਚਲੇ ਗਏ ਹਨ।
